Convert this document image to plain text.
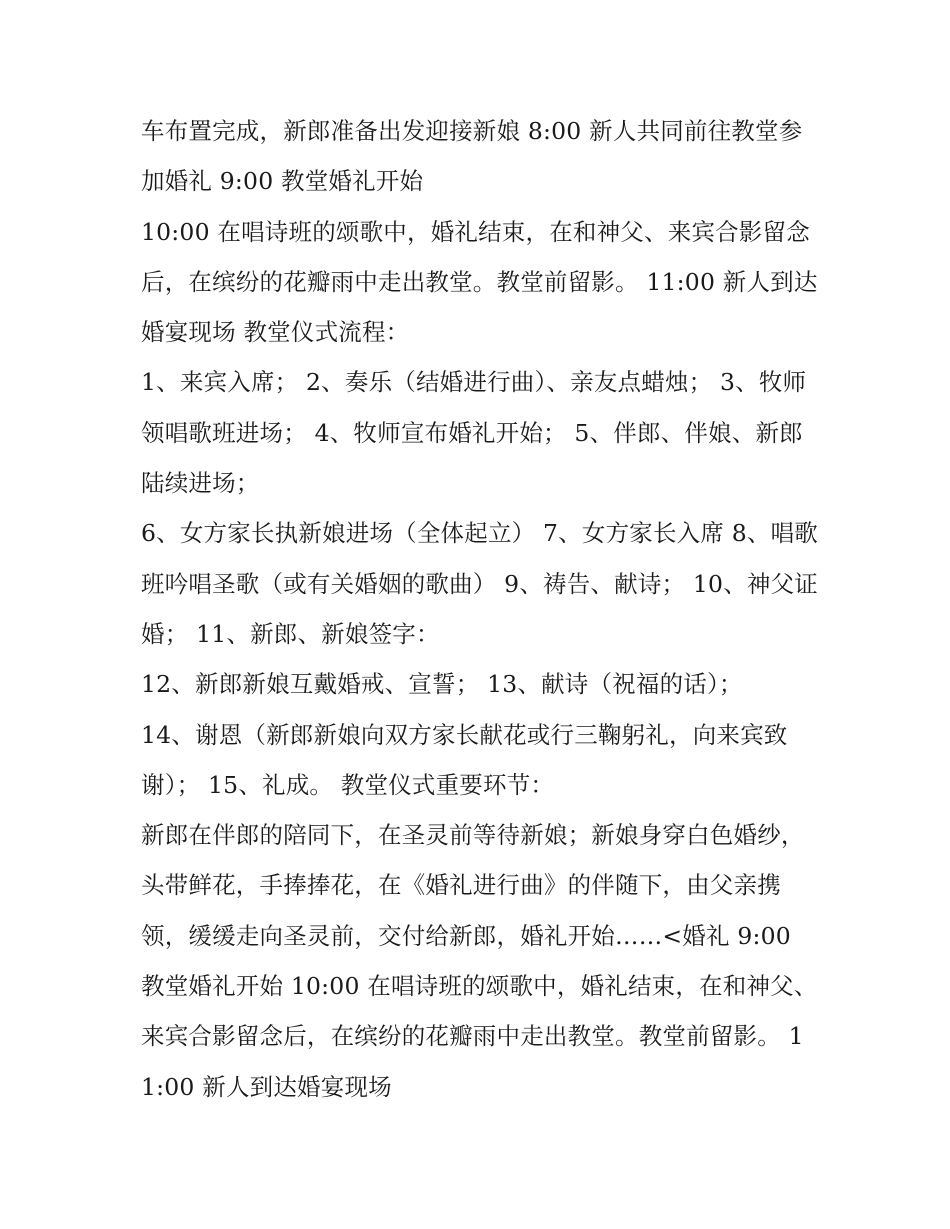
车布置完成，新郎准备出发迎接新娘 8:00 新人共同前往教堂参加婚礼 9:00 教堂婚礼开始

10:00 在唱诗班的颂歌中，婚礼结束，在和神父、来宾合影留念后，在缤纷的花瓣雨中走出教堂。教堂前留影。 11:00 新人到达婚宴现场 教堂仪式流程：

1、来宾入席； 2、奏乐（结婚进行曲）、亲友点蜡烛； 3、牧师领唱歌班进场； 4、牧师宣布婚礼开始； 5、伴郎、伴娘、新郎陆续进场；

6、女方家长执新娘进场（全体起立） 7、女方家长入席 8、唱歌班吟唱圣歌（或有关婚姻的歌曲） 9、祷告、献诗； 10、神父证婚； 11、新郎、新娘签字：

12、新郎新娘互戴婚戒、宣誓； 13、献诗（祝福的话）；

14、谢恩（新郎新娘向双方家长献花或行三鞠躬礼，向来宾致谢）； 15、礼成。 教堂仪式重要环节：

新郎在伴郎的陪同下，在圣灵前等待新娘；新娘身穿白色婚纱，头带鲜花，手捧捧花，在《婚礼进行曲》的伴随下，由父亲携领，缓缓走向圣灵前，交付给新郎，婚礼开始……<婚礼 9:00 教堂婚礼开始 10:00 在唱诗班的颂歌中，婚礼结束，在和神父、来宾合影留念后，在缤纷的花瓣雨中走出教堂。教堂前留影。 11:00 新人到达婚宴现场
